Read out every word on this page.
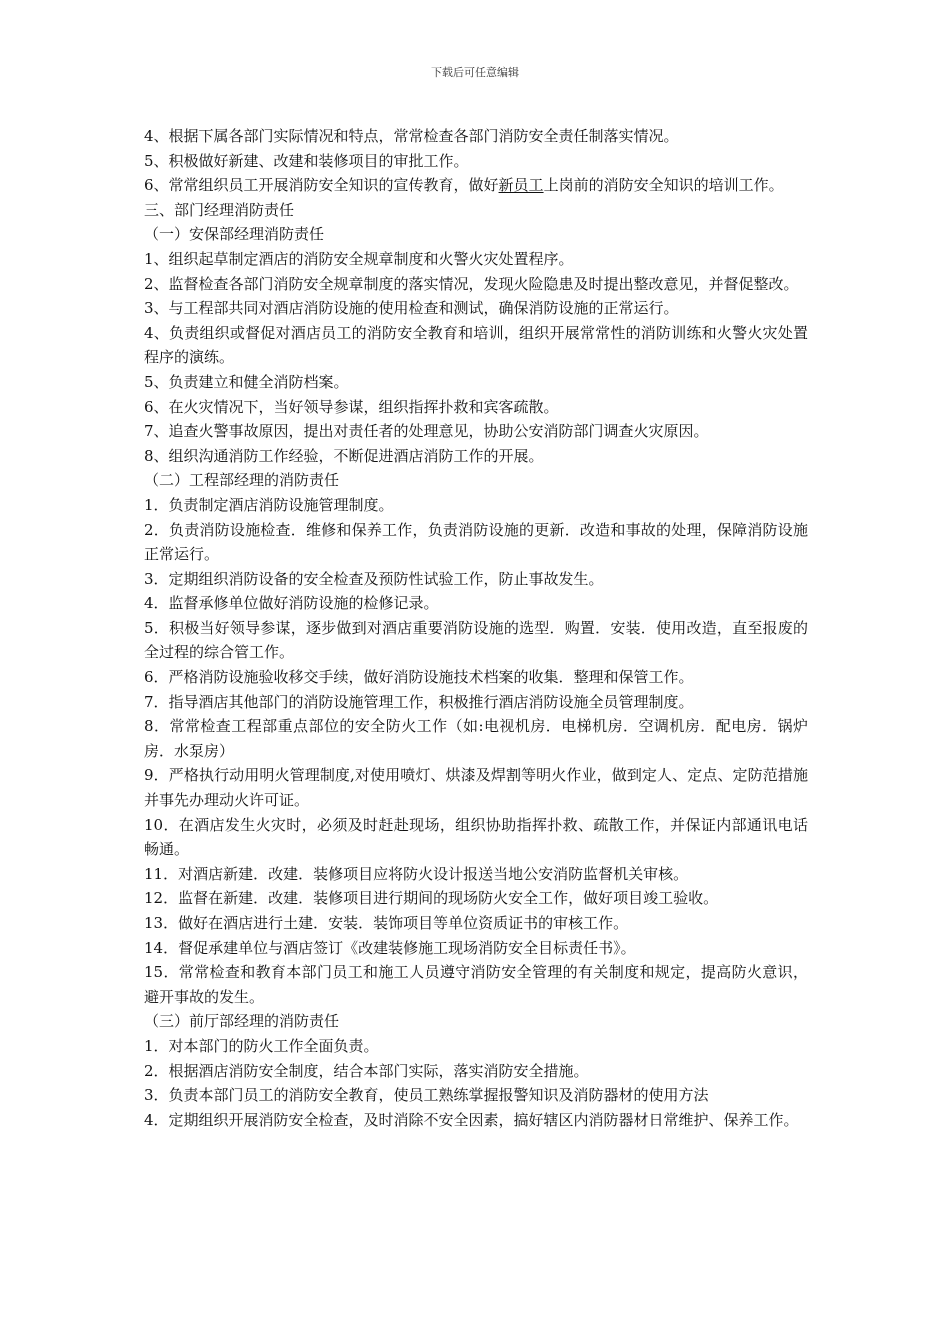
下载后可任意编辑

4、根据下属各部门实际情况和特点，常常检查各部门消防安全责任制落实情况。

5、积极做好新建、改建和装修项目的审批工作。

6、常常组织员工开展消防安全知识的宣传教育，做好新员工上岗前的消防安全知识的培训工作。

三、部门经理消防责任

（一）安保部经理消防责任

1、组织起草制定酒店的消防安全规章制度和火警火灾处置程序。

2、监督检查各部门消防安全规章制度的落实情况，发现火险隐患及时提出整改意见，并督促整改。

3、与工程部共同对酒店消防设施的使用检查和测试，确保消防设施的正常运行。

4、负责组织或督促对酒店员工的消防安全教育和培训，组织开展常常性的消防训练和火警火灾处置程序的演练。

5、负责建立和健全消防档案。

6、在火灾情况下，当好领导参谋，组织指挥扑救和宾客疏散。

7、追查火警事故原因，提出对责任者的处理意见，协助公安消防部门调查火灾原因。

8、组织沟通消防工作经验，不断促进酒店消防工作的开展。

（二）工程部经理的消防责任

1．负责制定酒店消防设施管理制度。

2．负责消防设施检查．维修和保养工作，负责消防设施的更新．改造和事故的处理，保障消防设施正常运行。

3．定期组织消防设备的安全检查及预防性试验工作，防止事故发生。

4．监督承修单位做好消防设施的检修记录。

5．积极当好领导参谋，逐步做到对酒店重要消防设施的选型．购置．安装．使用改造，直至报废的全过程的综合管工作。

6．严格消防设施验收移交手续，做好消防设施技术档案的收集．整理和保管工作。

7．指导酒店其他部门的消防设施管理工作，积极推行酒店消防设施全员管理制度。

8．常常检查工程部重点部位的安全防火工作（如:电视机房．电梯机房．空调机房．配电房．锅炉房．水泵房）

9．严格执行动用明火管理制度,对使用喷灯、烘漆及焊割等明火作业，做到定人、定点、定防范措施并事先办理动火许可证。

10．在酒店发生火灾时，必须及时赶赴现场，组织协助指挥扑救、疏散工作，并保证内部通讯电话畅通。

11．对酒店新建．改建．装修项目应将防火设计报送当地公安消防监督机关审核。

12．监督在新建．改建．装修项目进行期间的现场防火安全工作，做好项目竣工验收。

13．做好在酒店进行土建．安装．装饰项目等单位资质证书的审核工作。

14．督促承建单位与酒店签订《改建装修施工现场消防安全目标责任书》。

15．常常检查和教育本部门员工和施工人员遵守消防安全管理的有关制度和规定，提高防火意识，避开事故的发生。

（三）前厅部经理的消防责任

1．对本部门的防火工作全面负责。

2．根据酒店消防安全制度，结合本部门实际，落实消防安全措施。

3．负责本部门员工的消防安全教育，使员工熟练掌握报警知识及消防器材的使用方法

4．定期组织开展消防安全检查，及时消除不安全因素，搞好辖区内消防器材日常维护、保养工作。
